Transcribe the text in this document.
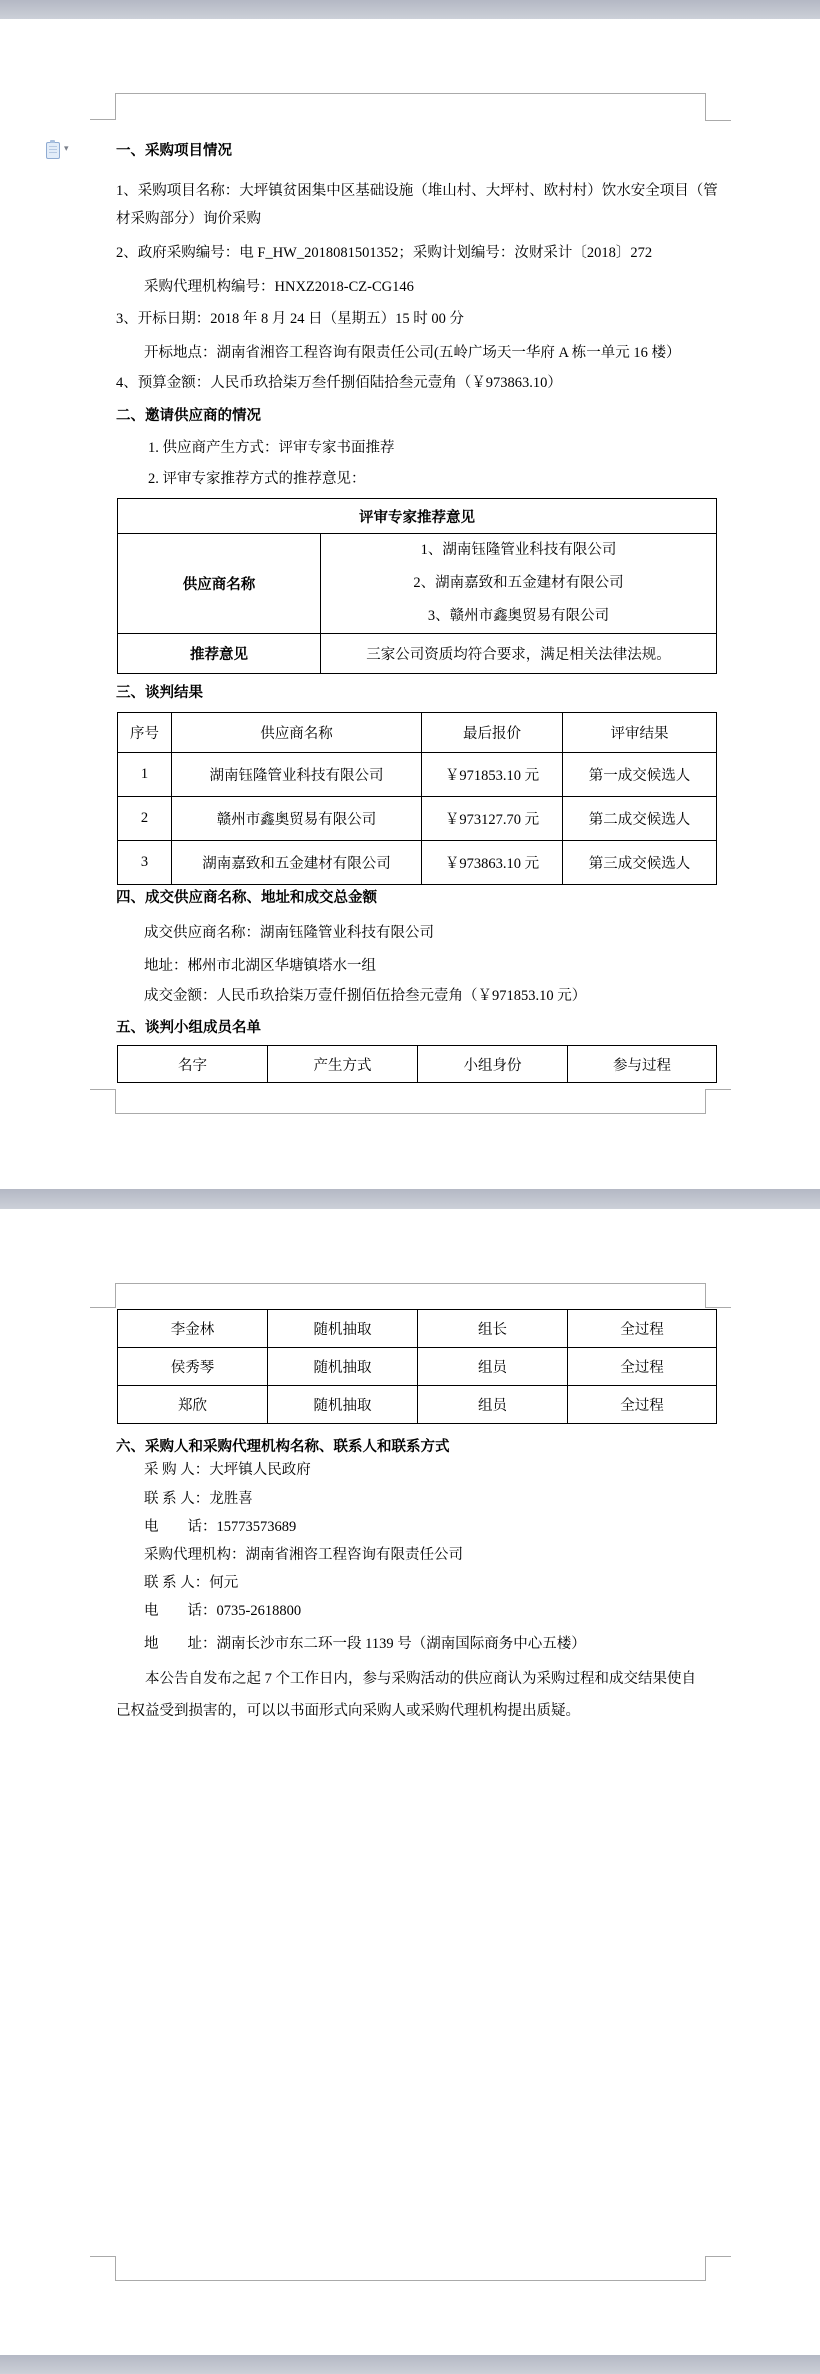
▾	一、采购项目情况
1、采购项目名称：大坪镇贫困集中区基础设施（堆山村、大坪村、欧村村）饮水安全项目（管
材采购部分）询价采购
2、政府采购编号：电 F_HW_2018081501352；采购计划编号：汝财采计〔2018〕272
采购代理机构编号：HNXZ2018-CZ-CG146
3、开标日期：2018 年 8 月 24 日（星期五）15 时 00 分
开标地点：湖南省湘咨工程咨询有限责任公司(五岭广场天一华府 A 栋一单元 16 楼）
4、预算金额：人民币玖拾柒万叁仟捌佰陆拾叁元壹角（￥973863.10）
二、邀请供应商的情况
1. 供应商产生方式：评审专家书面推荐
2. 评审专家推荐方式的推荐意见：
评审专家推荐意见	
供应商名称	1、湖南钰隆管业科技有限公司
2、湖南嘉致和五金建材有限公司
3、赣州市鑫奥贸易有限公司

推荐意见	三家公司资质均符合要求，满足相关法律法规。
三、谈判结果
序号	供应商名称	最后报价	评审结果
1	湖南钰隆管业科技有限公司	￥971853.10 元	第一成交候选人
2	赣州市鑫奥贸易有限公司	￥973127.70 元	第二成交候选人
3	湖南嘉致和五金建材有限公司	￥973863.10 元	第三成交候选人
四、成交供应商名称、地址和成交总金额
成交供应商名称：湖南钰隆管业科技有限公司
地址：郴州市北湖区华塘镇塔水一组
成交金额：人民币玖拾柒万壹仟捌佰伍拾叁元壹角（￥971853.10 元）
五、谈判小组成员名单
名字	产生方式	小组身份	参与过程
李金林	随机抽取	组长	全过程
侯秀琴	随机抽取	组员	全过程
郑欣	随机抽取	组员	全过程
六、采购人和采购代理机构名称、联系人和联系方式
采 购 人：大坪镇人民政府
联 系 人：龙胜喜
电　　话：15773573689
采购代理机构：湖南省湘咨工程咨询有限责任公司
联 系 人：何元
电　　话：0735-2618800
地　　址：湖南长沙市东二环一段 1139 号（湖南国际商务中心五楼）
本公告自发布之起 7 个工作日内，参与采购活动的供应商认为采购过程和成交结果使自
己权益受到损害的，可以以书面形式向采购人或采购代理机构提出质疑。
